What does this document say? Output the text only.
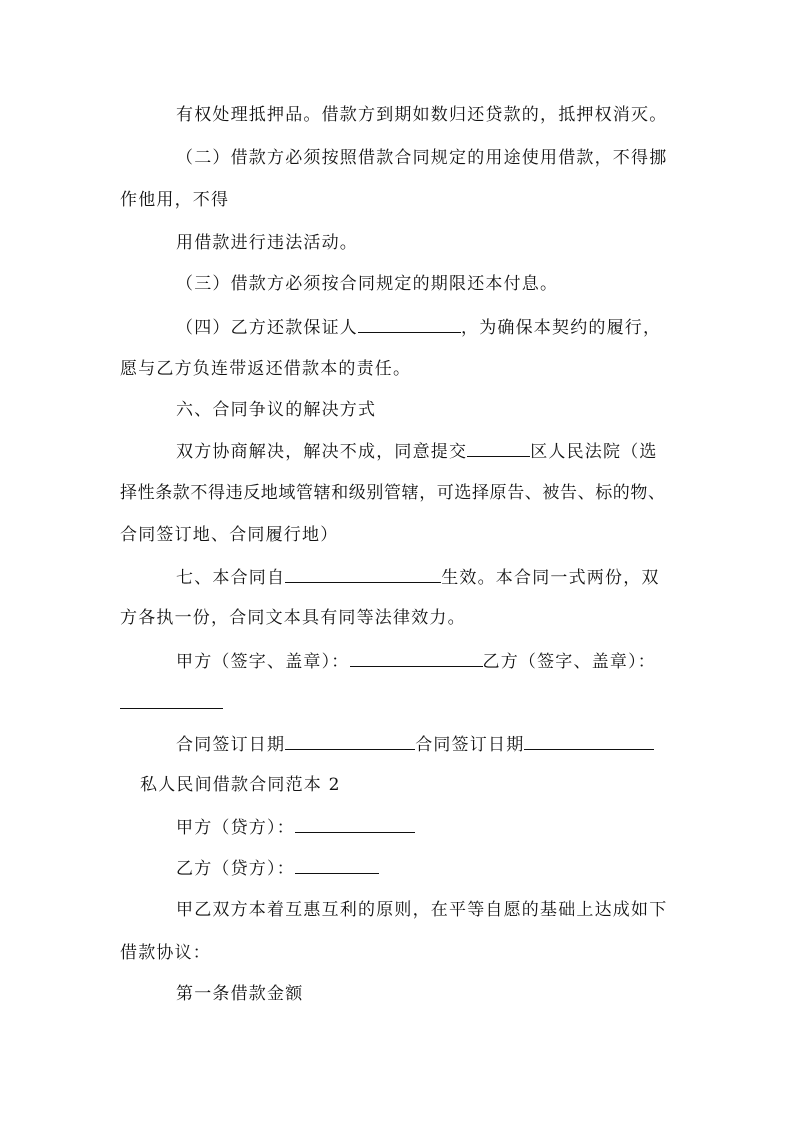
有权处理抵押品。借款方到期如数归还贷款的，抵押权消灭。
（二）借款方必须按照借款合同规定的用途使用借款，不得挪
作他用，不得
用借款进行违法活动。
（三）借款方必须按合同规定的期限还本付息。
（四）乙方还款保证人	，为确保本契约的履行，
愿与乙方负连带返还借款本的责任。
六、合同争议的解决方式
双方协商解决，解决不成，同意提交	区人民法院（选
择性条款不得违反地域管辖和级别管辖，可选择原告、被告、标的物、
合同签订地、合同履行地）
七、本合同自	生效。本合同一式两份，双
方各执一份，合同文本具有同等法律效力。
甲方（签字、盖章）：	乙方（签字、盖章）：
合同签订日期	合同签订日期
私人民间借款合同范本 2
甲方（贷方）：
乙方（贷方）：
甲乙双方本着互惠互利的原则，在平等自愿的基础上达成如下
借款协议：
第一条借款金额
